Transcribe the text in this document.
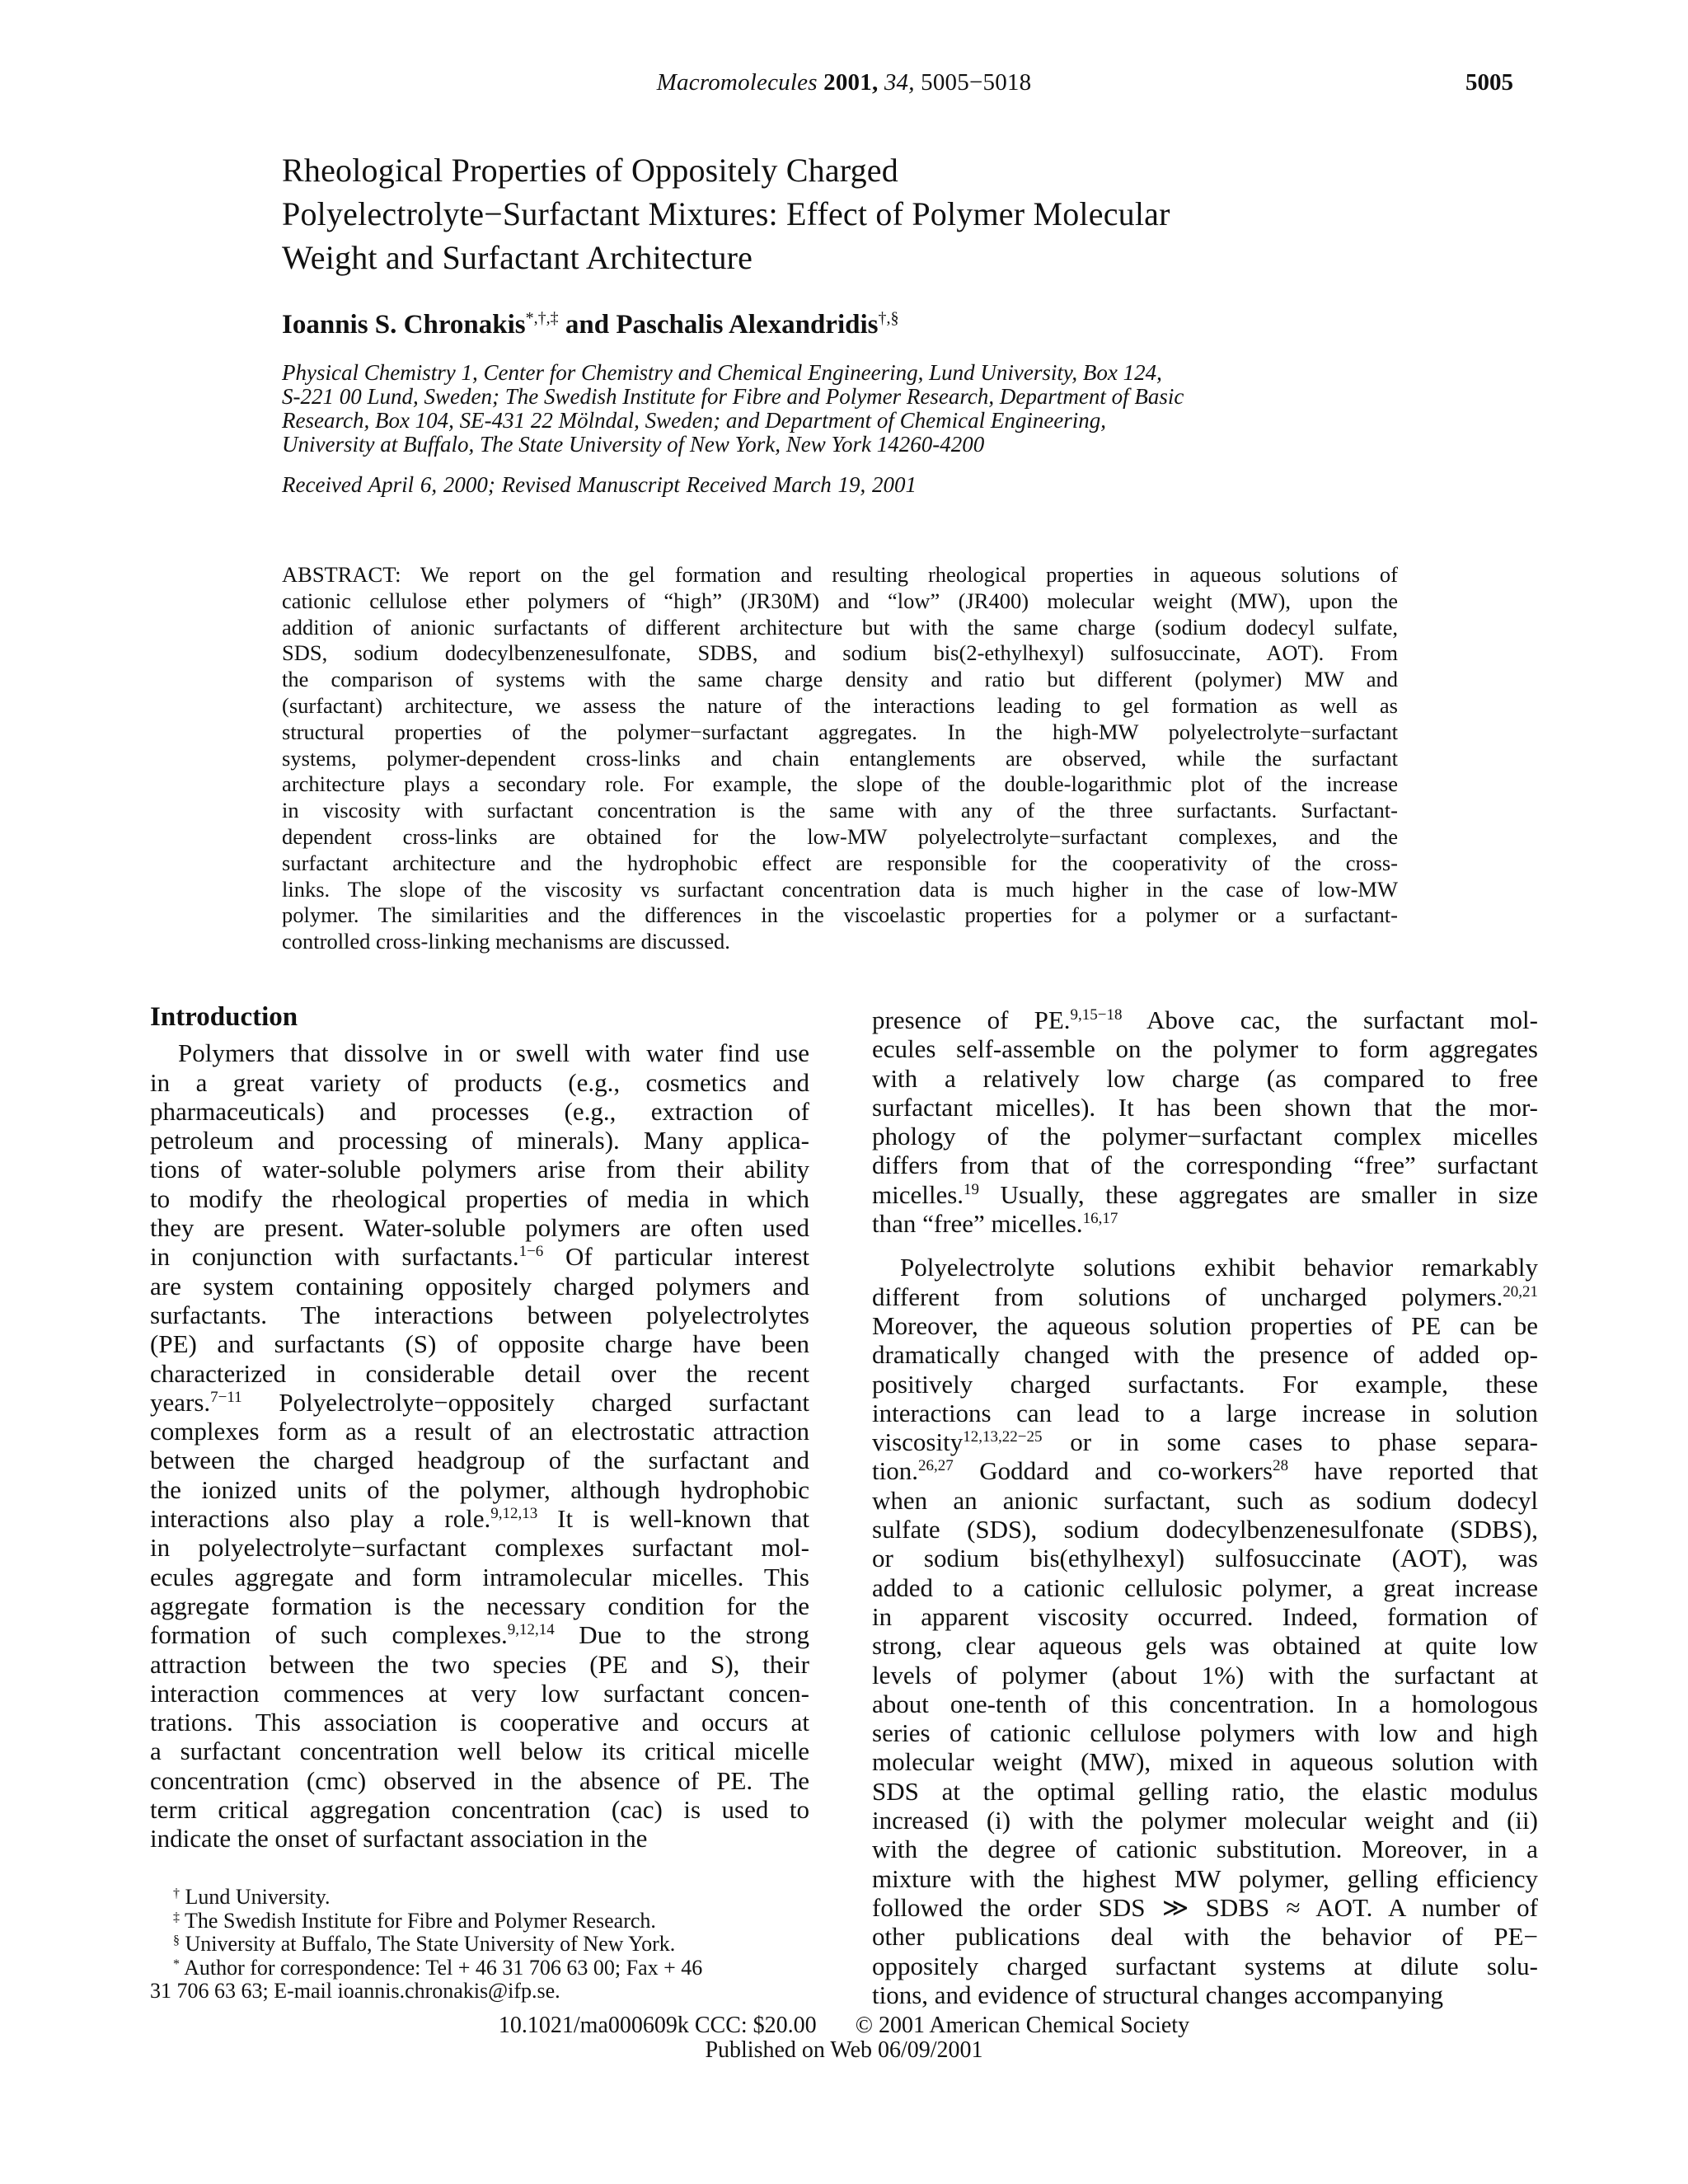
Macromolecules 2001, 34, 5005−5018	5005
Rheological Properties of Oppositely Charged
Polyelectrolyte−Surfactant Mixtures: Effect of Polymer Molecular
Weight and Surfactant Architecture
Ioannis S. Chronakis*,†,‡ and Paschalis Alexandridis†,§
Physical Chemistry 1, Center for Chemistry and Chemical Engineering, Lund University, Box 124,
S-221 00 Lund, Sweden; The Swedish Institute for Fibre and Polymer Research, Department of Basic
Research, Box 104, SE-431 22 Mölndal, Sweden; and Department of Chemical Engineering,
University at Buffalo, The State University of New York, New York 14260-4200
Received April 6, 2000; Revised Manuscript Received March 19, 2001
ABSTRACT: We report on the gel formation and resulting rheological properties in aqueous solutions of
cationic cellulose ether polymers of “high” (JR30M) and “low” (JR400) molecular weight (MW), upon the
addition of anionic surfactants of different architecture but with the same charge (sodium dodecyl sulfate,
SDS, sodium dodecylbenzenesulfonate, SDBS, and sodium bis(2-ethylhexyl) sulfosuccinate, AOT). From
the comparison of systems with the same charge density and ratio but different (polymer) MW and
(surfactant) architecture, we assess the nature of the interactions leading to gel formation as well as
structural properties of the polymer−surfactant aggregates. In the high-MW polyelectrolyte−surfactant
systems, polymer-dependent cross-links and chain entanglements are observed, while the surfactant
architecture plays a secondary role. For example, the slope of the double-logarithmic plot of the increase
in viscosity with surfactant concentration is the same with any of the three surfactants. Surfactant-
dependent cross-links are obtained for the low-MW polyelectrolyte−surfactant complexes, and the
surfactant architecture and the hydrophobic effect are responsible for the cooperativity of the cross-
links. The slope of the viscosity vs surfactant concentration data is much higher in the case of low-MW
polymer. The similarities and the differences in the viscoelastic properties for a polymer or a surfactant-
controlled cross-linking mechanisms are discussed.
Introduction
Polymers that dissolve in or swell with water find use
in a great variety of products (e.g., cosmetics and
pharmaceuticals) and processes (e.g., extraction of
petroleum and processing of minerals). Many applica-
tions of water-soluble polymers arise from their ability
to modify the rheological properties of media in which
they are present. Water-soluble polymers are often used
in conjunction with surfactants.$^{1-6}$ Of particular interest
are system containing oppositely charged polymers and
surfactants. The interactions between polyelectrolytes
(PE) and surfactants (S) of opposite charge have been
characterized in considerable detail over the recent
years.$^{7-11}$ Polyelectrolyte−oppositely charged surfactant
complexes form as a result of an electrostatic attraction
between the charged headgroup of the surfactant and
the ionized units of the polymer, although hydrophobic
interactions also play a role.$^{9,12,13}$ It is well-known that
in polyelectrolyte−surfactant complexes surfactant mol-
ecules aggregate and form intramolecular micelles. This
aggregate formation is the necessary condition for the
formation of such complexes.$^{9,12,14}$ Due to the strong
attraction between the two species (PE and S), their
interaction commences at very low surfactant concen-
trations. This association is cooperative and occurs at
a surfactant concentration well below its critical micelle
concentration (cmc) observed in the absence of PE. The
term critical aggregation concentration (cac) is used to
indicate the onset of surfactant association in the
presence of PE.$^{9,15-18}$ Above cac, the surfactant mol-
ecules self-assemble on the polymer to form aggregates
with a relatively low charge (as compared to free
surfactant micelles). It has been shown that the mor-
phology of the polymer−surfactant complex micelles
differs from that of the corresponding “free” surfactant
micelles.$^{19}$ Usually, these aggregates are smaller in size
than “free” micelles.$^{16,17}$
Polyelectrolyte solutions exhibit behavior remarkably
different from solutions of uncharged polymers.$^{20,21}$
Moreover, the aqueous solution properties of PE can be
dramatically changed with the presence of added op-
positively charged surfactants. For example, these
interactions can lead to a large increase in solution
viscosity$^{12,13,22-25}$ or in some cases to phase separa-
tion.$^{26,27}$ Goddard and co-workers$^{28}$ have reported that
when an anionic surfactant, such as sodium dodecyl
sulfate (SDS), sodium dodecylbenzenesulfonate (SDBS),
or sodium bis(ethylhexyl) sulfosuccinate (AOT), was
added to a cationic cellulosic polymer, a great increase
in apparent viscosity occurred. Indeed, formation of
strong, clear aqueous gels was obtained at quite low
levels of polymer (about 1%) with the surfactant at
about one-tenth of this concentration. In a homologous
series of cationic cellulose polymers with low and high
molecular weight (MW), mixed in aqueous solution with
SDS at the optimal gelling ratio, the elastic modulus
increased (i) with the polymer molecular weight and (ii)
with the degree of cationic substitution. Moreover, in a
mixture with the highest MW polymer, gelling efficiency
followed the order SDS ≫ SDBS ≈ AOT. A number of
other publications deal with the behavior of PE−
oppositely charged surfactant systems at dilute solu-
tions, and evidence of structural changes accompanying
† Lund University.
‡ The Swedish Institute for Fibre and Polymer Research.
§ University at Buffalo, The State University of New York.
* Author for correspondence: Tel + 46 31 706 63 00; Fax + 46
31 706 63 63; E-mail ioannis.chronakis@ifp.se.
10.1021/ma000609k CCC: $20.00 © 2001 American Chemical Society
Published on Web 06/09/2001
